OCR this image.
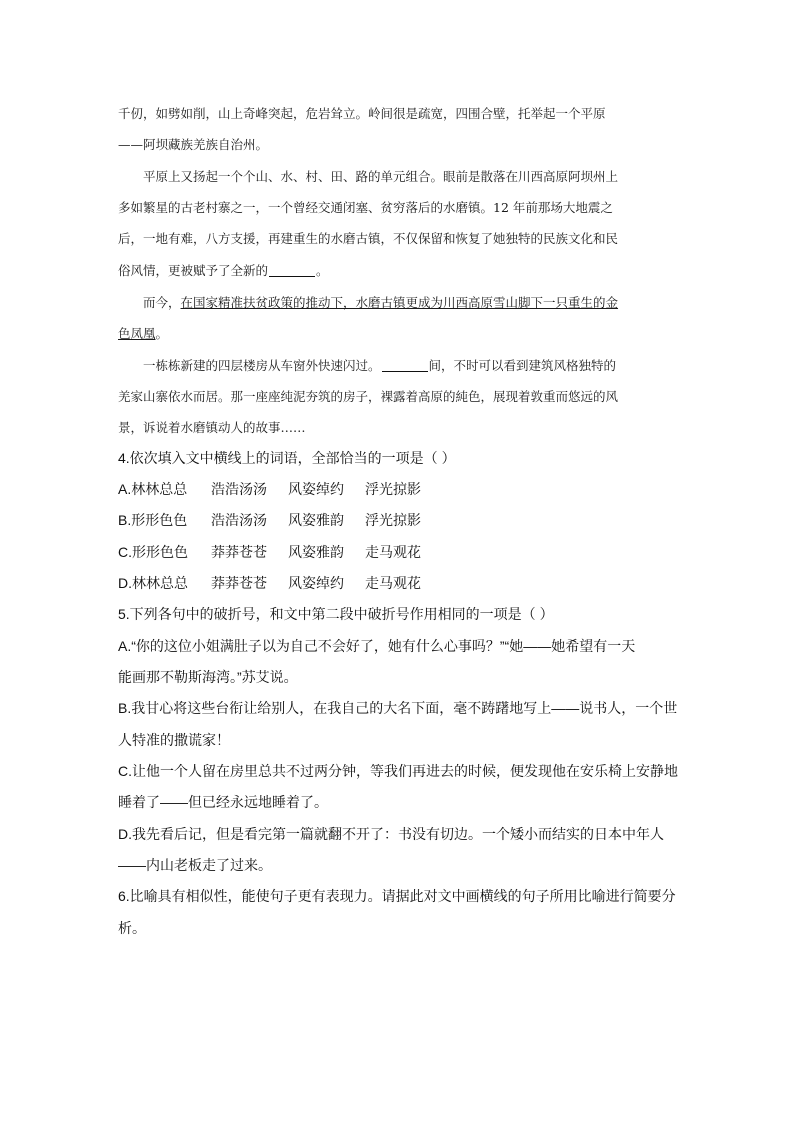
千仞，如劈如削，山上奇峰突起，危岩耸立。岭间很是疏宽，四围合壁，托举起一个平原
——阿坝藏族羌族自治州。
平原上又扬起一个个山、水、村、田、路的单元组合。眼前是散落在川西高原阿坝州上
多如繁星的古老村寨之一，一个曾经交通闭塞、贫穷落后的水磨镇。12 年前那场大地震之
后，一地有难，八方支援，再建重生的水磨古镇，不仅保留和恢复了她独特的民族文化和民
俗风情，更被赋予了全新的	。
而今，在国家精准扶贫政策的推动下，水磨古镇更成为川西高原雪山脚下一只重生的金
色凤凰。
一栋栋新建的四层楼房从车窗外快速闪过。	间，不时可以看到建筑风格独特的
羌家山寨依水而居。那一座座纯泥夯筑的房子，裸露着高原的純色，展现着敦重而悠远的风
景，诉说着水磨镇动人的故事……
4.依次填入文中横线上的词语，全部恰当的一项是（ ）
A.林林总总 浩浩汤汤 风姿绰约 浮光掠影
B.形形色色 浩浩汤汤 风姿雅韵 浮光掠影
C.形形色色 莽莽苍苍 风姿雅韵 走马观花
D.林林总总 莽莽苍苍 风姿绰约 走马观花
5.下列各句中的破折号，和文中第二段中破折号作用相同的一项是（ ）
A.“你的这位小姐满肚子以为自己不会好了，她有什么心事吗？”“她——她希望有一天
能画那不勒斯海湾。”苏艾说。
B.我甘心将这些台衔让给别人，在我自己的大名下面，毫不踌躇地写上——说书人，一个世
人特准的撒谎家！
C.让他一个人留在房里总共不过两分钟，等我们再进去的时候，便发现他在安乐椅上安静地
睡着了——但已经永远地睡着了。
D.我先看后记，但是看完第一篇就翻不开了：书没有切边。一个矮小而结实的日本中年人
——内山老板走了过来。
6.比喻具有相似性，能使句子更有表现力。请据此对文中画横线的句子所用比喻进行简要分
析。
